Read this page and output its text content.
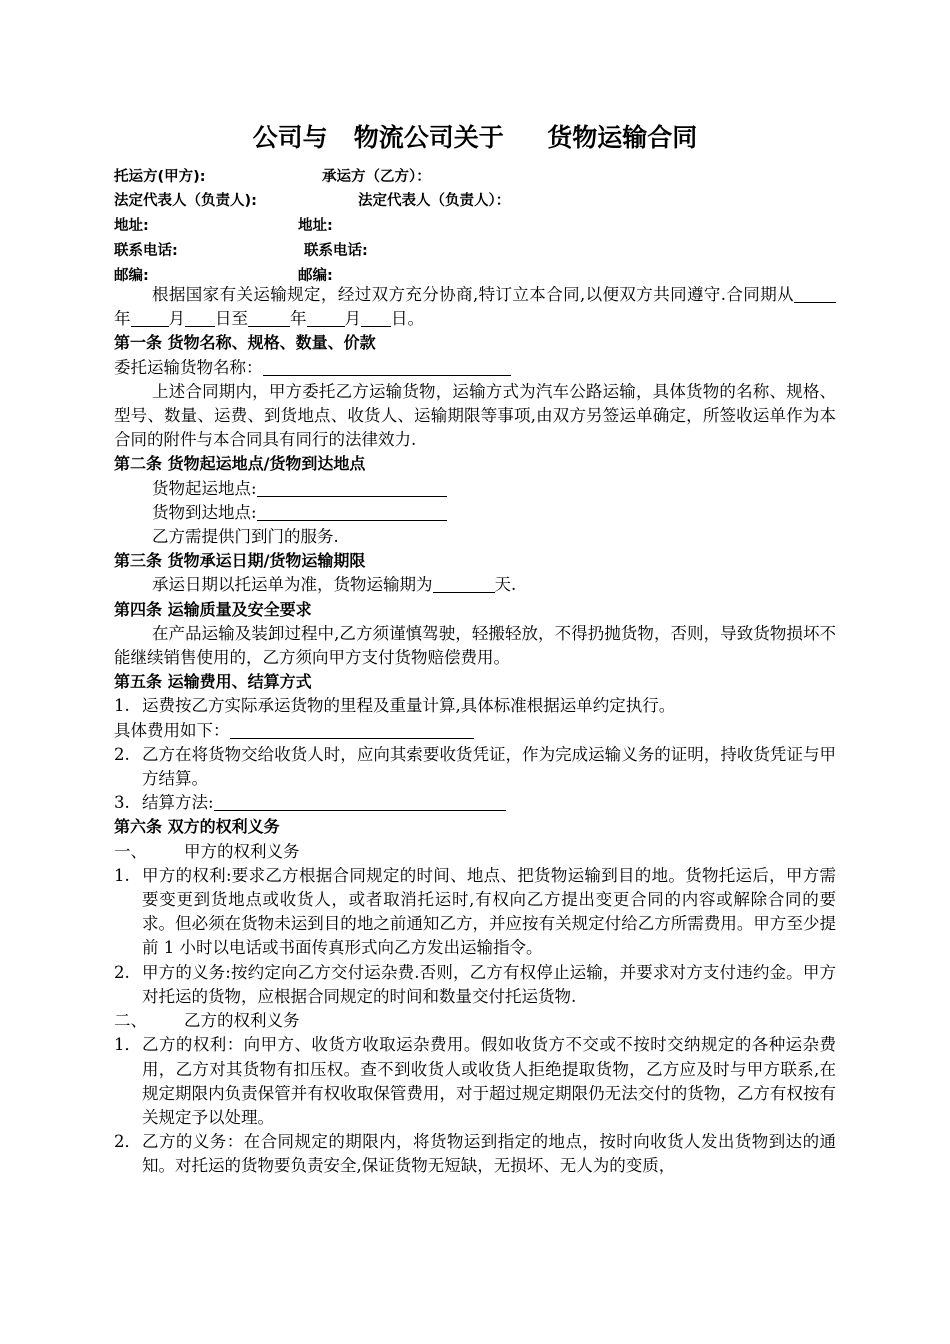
公司与   物流公司关于     货物运输合同
托运方(甲方):	承运方（乙方）：
法定代表人（负责人):	法定代表人（负责人）：
地址:	地址:
联系电话:	联系电话:
邮编:	邮编:

根据国家有关运输规定，经过双方充分协商,特订立本合同,以便双方共同遵守.合同期从年 月 日至	年 月 日。

第一条 货物名称、规格、数量、价款
委托运输货物名称：

上述合同期内，甲方委托乙方运输货物，运输方式为汽车公路运输，具体货物的名称、规格、型号、数量、运费、到货地点、收货人、运输期限等事项,由双方另签运单确定，所签收运单作为本合同的附件与本合同具有同行的法律效力.

第二条 货物起运地点/货物到达地点
货物起运地点:
货物到达地点:
乙方需提供门到门的服务.
第三条 货物承运日期/货物运输期限
承运日期以托运单为准，货物运输期为	天.
第四条 运输质量及安全要求

在产品运输及装卸过程中,乙方须谨慎驾驶，轻搬轻放，不得扔抛货物，否则，导致货物损坏不能继续销售使用的，乙方须向甲方支付货物赔偿费用。

第五条 运输费用、结算方式
1. 运费按乙方实际承运货物的里程及重量计算,具体标准根据运单约定执行。
具体费用如下：
2. 乙方在将货物交给收货人时，应向其索要收货凭证，作为完成运输义务的证明，持收货凭证与甲方结算。
3. 结算方法:
第六条 双方的权利义务
一、 甲方的权利义务
1. 甲方的权利:要求乙方根据合同规定的时间、地点、把货物运输到目的地。货物托运后，甲方需要变更到货地点或收货人，或者取消托运时,有权向乙方提出变更合同的内容或解除合同的要求。但必须在货物未运到目的地之前通知乙方，并应按有关规定付给乙方所需费用。甲方至少提前 1 小时以电话或书面传真形式向乙方发出运输指令。
2. 甲方的义务:按约定向乙方交付运杂费.否则，乙方有权停止运输，并要求对方支付违约金。甲方对托运的货物，应根据合同规定的时间和数量交付托运货物.
二、 乙方的权利义务
1． 乙方的权利：向甲方、收货方收取运杂费用。假如收货方不交或不按时交纳规定的各种运杂费用，乙方对其货物有扣压权。查不到收货人或收货人拒绝提取货物，乙方应及时与甲方联系,在规定期限内负责保管并有权收取保管费用，对于超过规定期限仍无法交付的货物，乙方有权按有关规定予以处理。
2． 乙方的义务：在合同规定的期限内，将货物运到指定的地点，按时向收货人发出货物到达的通知。对托运的货物要负责安全,保证货物无短缺，无损坏、无人为的变质，
